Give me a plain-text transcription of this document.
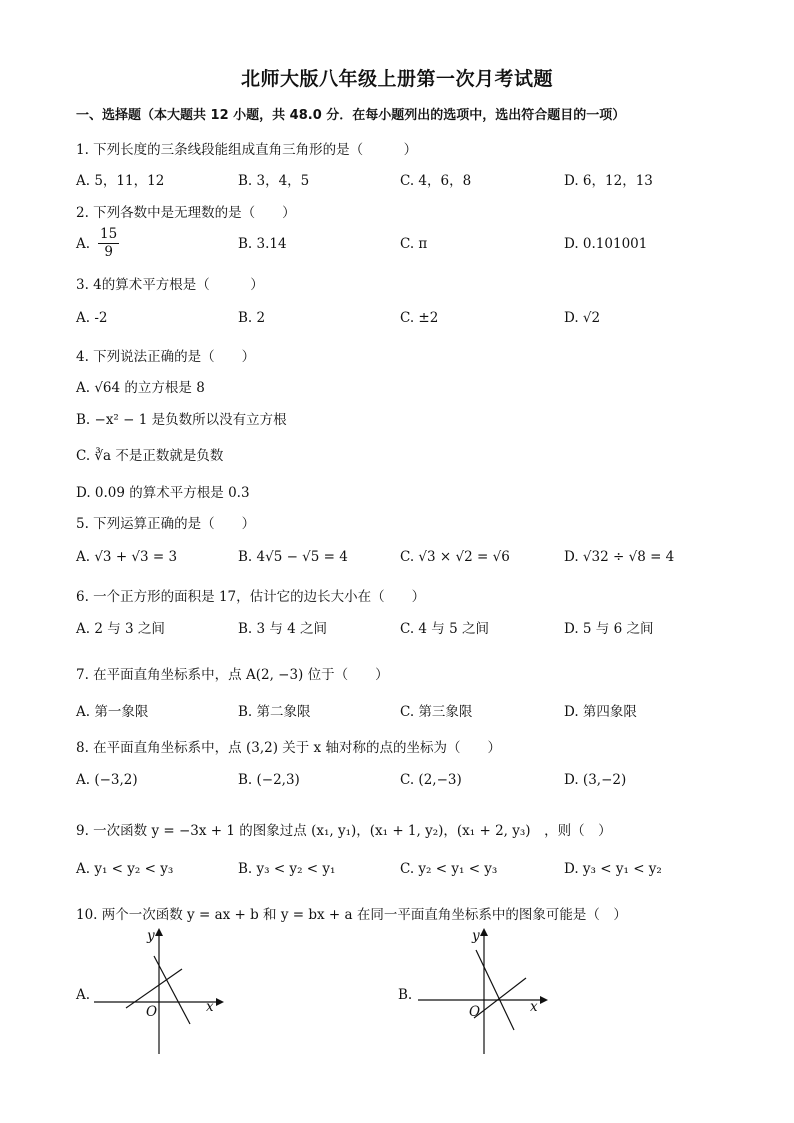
北师大版八年级上册第一次月考试题
一、选择题（本大题共 12 小题，共 48.0 分．在每小题列出的选项中，选出符合题目的一项）
1. 下列长度的三条线段能组成直角三角形的是（　　　）
A. 5，11，12	B. 3，4，5	C. 4，6，8	D. 6，12，13
2. 下列各数中是无理数的是（　　）
A. $\frac{15}{9}$	B. 3.14	C. π	D. 0.101001
3. 4的算术平方根是（　　　）
A. -2	B. 2	C. ±2	D. √2
4. 下列说法正确的是（　　）
A. √64 的立方根是 8
B. −x² − 1 是负数所以没有立方根
C. ∛a 不是正数就是负数
D. 0.09 的算术平方根是 0.3
5. 下列运算正确的是（　　）
A. √3 + √3 = 3	B. 4√5 − √5 = 4	C. √3 × √2 = √6	D. √32 ÷ √8 = 4
6. 一个正方形的面积是 17，估计它的边长大小在（　　）
A. 2 与 3 之间	B. 3 与 4 之间	C. 4 与 5 之间	D. 5 与 6 之间
7. 在平面直角坐标系中，点 A(2, −3) 位于（　　）
A. 第一象限	B. 第二象限	C. 第三象限	D. 第四象限
8. 在平面直角坐标系中，点 (3,2) 关于 x 轴对称的点的坐标为（　　）
A. (−3,2)	B. (−2,3)	C. (2,−3)	D. (3,−2)
9. 一次函数 y = −3x + 1 的图象过点 (x₁, y₁)，(x₁ + 1, y₂)，(x₁ + 2, y₃)　，则（　）
A. y₁ < y₂ < y₃	B. y₃ < y₂ < y₁	C. y₂ < y₁ < y₃	D. y₃ < y₁ < y₂
10. 两个一次函数 y = ax + b 和 y = bx + a 在同一平面直角坐标系中的图象可能是（　）
A.	B.
y
x
O
y
x
O
